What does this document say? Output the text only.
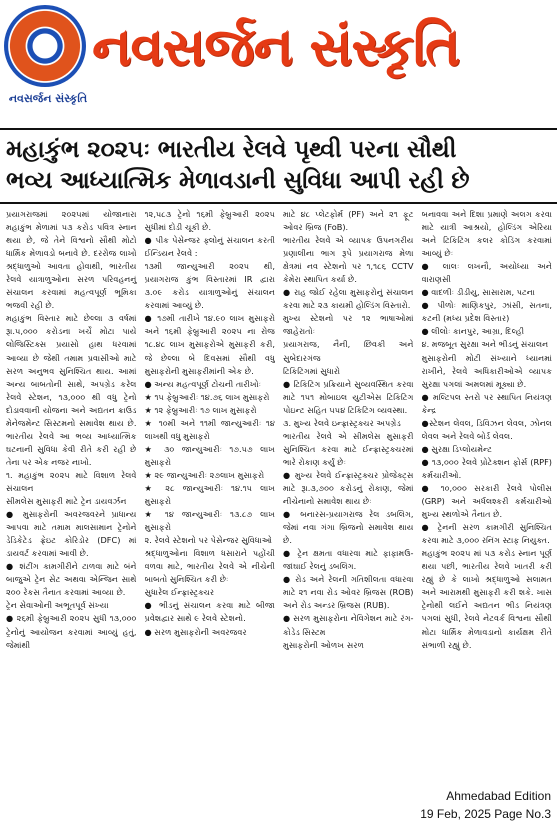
નવસર્જન સંસ્કૃતિ
નવસર્જન સંસ્કૃતિ
મહાકુંભ ૨૦૨૫ઃ ભારતીય રેલવે પૃથ્વી પરના સૌથી
ભવ્ય આધ્યાત્મિક મેળાવડાની સુવિધા આપી રહી છે

પ્રયાગરાજમાં ૨૦૨૫માં યોજાનારા મહાકુંભ મેળામાં ૫૩ કરોડ પવિત્ર સ્નાન થયા છે, જે તેને વિશ્વનો સૌથી મોટો ધાર્મિક મેળાવડો બનાવે છે. દરરોજ લાખો શ્રદ્ધાળુઓ આવતા હોવાથી, ભારતીય રેલવે યાત્રાળુઓના સરળ પરિવહનનું સંચાલન કરવામાં મહત્વપૂર્ણ ભૂમિકા ભજવી રહી છે.

મહાકુંભ વિસ્તાર માટે છેલ્લા ૩ વર્ષમાં રૂા.૫,૦૦૦ કરોડના ખર્ચે મોટા પાયે લોજિસ્ટિક્સ પ્રયાસો હાથ ધરવામાં આવ્યા છે જેથી તમામ પ્રવાસીઓ માટે સરળ અનુભવ સુનિશ્ચિત થાય. આમાં અન્ય બાબતોની સાથે, અપગ્રેડ કરેલ રેલવે સ્ટેશન, ૧૩,૦૦૦ થી વધુ ટ્રેનો દોડાવવાની યોજના અને અદ્યતન ક્રાઉડ મેનેજમેન્ટ સિસ્ટમનો સમાવેશ થાય છે. ભારતીય રેલવે આ ભવ્ય આધ્યાત્મિક ઘટનાની સુવિધા કેવી રીતે કરી રહી છે તેના પર એક નજર નાખો.

૧. મહાકુંભ ૨૦૨૫ માટે વિશાળ રેલવે સંચાલન

સીમલેસ મુસાફરી માટે ટ્રેન ડાયવર્ઝન

● મુસાફરોની અવરજવરને પ્રાધાન્ય આપવા માટે તમામ માલસામાન ટ્રેનોને ડેડિકેટેડ ફ્રેઇટ કોરિડોર (DFC) માં ડાયવર્ટ કરવામાં આવી છે.

● શંટીંગ કામગીરીને ટાળવા માટે બંને બાજુએ ટ્રેન સેટ અથવા એન્જિન સાથે ૨૦૦ રેકસ તૈનાત કરવામાં આવ્યા છે.

ટ્રેન સેવાઓની અભૂતપૂર્વ સંખ્યા

● ૨૬મી ફેબ્રુઆરી ૨૦૨૫ સુધી ૧૩,૦૦૦ ટ્રેનોનું આયોજન કરવામાં આવ્યું હતું, જેમાંથી

૧૨,૫૮૩ ટ્રેનો ૧૬મી ફેબ્રુઆરી ૨૦૨૫ સુધીમાં દોડી ચૂકી છે.

● પીક પેસેન્જર ફ્લોનું સંચાલન કરતી ઈન્ડિયન રેલવે :

૧૩મી જાન્યુઆરી ૨૦૨૫ થી, પ્રયાગરાજ કુંભ વિસ્તારમાં IR દ્વારા ૩.૦૯ કરોડ યાત્રાળુઓનું સંચાલન કરવામાં આવ્યું છે.

● ૧૭મી તારીખે ૧૪.૯૦ લાખ મુસાફરો અને ૧૬મી ફેબ્રુઆરી ૨૦૨૫ ના રોજ ૧૮.૪૮ લાખ મુસાફરોએ મુસાફરી કરી, જે છેલ્લા બે દિવસમાં સૌથી વધુ મુસાફરોની મુસાફરીમાંની એક છે.

● અન્ય મહત્વપૂર્ણ ટોચની તારીખોઃ

★ ૧૫ ફેબ્રુઆરીઃ ૧૪.૭૬ લાખ મુસાફરો

★ ૧૨ ફેબ્રુઆરીઃ ૧૭ લાખ મુસાફરો

★ ૧૦મી અને ૧૧મી જાન્યુઆરીઃ ૧૪ લાખથી વધુ મુસાફરો

★ ૩૦ જાન્યુઆરીઃ ૧૭.૫૭ લાખ મુસાફરો

★ ૨૯ જાન્યુઆરીઃ ૨૭લાખ મુસાફરો

★ ૨૮ જાન્યુઆરીઃ ૧૪.૧૫ લાખ મુસાફરો

★ ૧૪ જાન્યુઆરીઃ ૧૩.૮૭ લાખ મુસાફરો

૨. રેલવે સ્ટેશનો પર પેસેન્જર સુવિધાઓ

શ્રદ્ધાળુઓના વિશાળ ધસારાને પહોંચી વળવા માટે, ભારતીય રેલવે એ નીચેની બાબતો સુનિશ્ચિત કરી છેઃ

સુધારેલ ઈન્ફ્રાસ્ટ્રક્ચર

● ભીડનું સંચાલન કરવા માટે બીજા પ્રવેશદ્વાર સાથે ૯ રેલવે સ્ટેશનો.

● સરળ મુસાફરોની અવરજવર

માટે ૪૮ પ્લેટફોર્મ (PF) અને ૨૧ ફૂટ ઓવર બ્રિજ (FoB).

ભારતીય રેલવે એ વ્યાપક ઉપનગરીય પ્રણાલીના ભાગ રૂપે પ્રયાગરાજ મેળા ક્ષેત્રમાં નવ સ્ટેશનો પર ૧,૧૮૬ CCTV કેમેરા સ્થાપિત કર્યા છે.

● રાહ જોઈ રહેલા મુસાફરોનું સંચાલન કરવા માટે ૨૩ કાયમી હોલ્ડિંગ વિસ્તારો.

મુખ્ય સ્ટેશનો પર ૧૨ ભાષાઓમાં જાહેરાતોઃ

પ્રયાગરાજ, નૈની, છિવકી અને સુબેદારગંજ

ટિકિટિંગમાં સુધારો

● ટિકિટિંગ પ્રક્રિયાને સુવ્યવસ્થિત કરવા માટે ૧૫૧ મોબાઇલ યુટીએસ ટિકિટિંગ પોઇન્ટ સહિત ૫૫૪ ટિકિટિંગ વ્યવસ્થા.

૩. મુખ્ય રેલવે ઇન્ફ્રાસ્ટ્રક્ચર અપગ્રેડ

ભારતીય રેલવે એ સીમલેસ મુસાફરી સુનિશ્ચિત કરવા માટે ઈન્ફ્રાસ્ટ્રક્ચરમાં ભારે રોકાણ કર્યું છેઃ

● મુખ્ય રેલવે ઈન્ફ્રાસ્ટ્રક્ચર પ્રોજેક્ટ્સ માટે રૂા.૩,૭૦૦ કરોડનું રોકાણ, જેમાં નીચેનાનો સમાવેશ થાય છેઃ

● બનારસ-પ્રયાગરાજ રેલ ડબલિંગ, જેમાં નવા ગંગા બ્રિજનો સમાવેશ થાય છે.

● ટ્રેન ક્ષમતા વધારવા માટે ફાફામઉ-જાંઘાઈ રેલનું ડબલિંગ.

● રોડ અને રેલની ગતિશીલતા વધારવા માટે ૨૧ નવા રોડ ઓવર બ્રિજસ (ROB) અને રોડ અન્ડર બ્રિજસ (RUB).

● સરળ મુસાફરોના નેવિગેશન માટે રંગ-કોડેડ સિસ્ટમ

મુસાફરોની ઓળખ સરળ

બનાવવા અને દિશા પ્રમાણે અલગ કરવા માટે યાત્રી આશ્રયો, હોલ્ડિંગ એરિયા અને ટિકિટિંગ કલર કોડિંગ કરવામાં આવ્યું છેઃ

● લાલઃ લખનૌ, અયોધ્યા અને વારાણસી

● વાદળીઃ ડીડીયુ, સાસારામ, પટના

● પીળોઃ માણિકપુર, ઝાંસી, સતના, કટની (મધ્ય પ્રદેશ વિસ્તાર)

● લીલોઃ કાનપુર, આગ્રા, દિલ્હી

૪. મજબૂત સુરક્ષા અને ભીડનું સંચાલન

મુસાફરોની મોટી સંખ્યાને ધ્યાનમાં રાખીને, રેલવે અધિકારીઓએ વ્યાપક સુરક્ષા પગલાં અમલમાં મૂક્યા છે.

● મલ્ટિપલ સ્તરો પર સ્થાપિત નિયંત્રણ કેન્દ્ર

●સ્ટેશન લેવલ, ડિવિઝન લેવલ, ઝોનલ લેવલ અને રેલવે બોર્ડ લેવલ.

● સુરક્ષા ડિપ્લોયમેન્ટ

● ૧૩,૦૦૦ રેલવે પ્રોટેક્શન ફોર્સ (RPF) કર્મચારીઓ.

● ૧૦,૦૦૦ સરકારી રેલવે પોલીસ (GRP) અને અર્ધલશ્કરી કર્મચારીઓ મુખ્ય સ્થળોએ તૈનાત છે.

● ટ્રેનની સરળ કામગીરી સુનિશ્ચિત કરવા માટે ૩,૦૦૦ રનિંગ સ્ટાફ નિયુક્ત.

મહાકુંભ ૨૦૨૫ માં ૫૩ કરોડ સ્નાન પૂર્ણ થયા પછી, ભારતીય રેલવે ખાતરી કરી રહ્યું છે કે લાખો શ્રદ્ધાળુઓ સલામત અને આરામથી મુસાફરી કરી શકે. ખાસ ટ્રેનોથી લઈને અદ્યતન ભીડ નિયંત્રણ પગલાં સુધી, રેલવે નેટવર્ક વિશ્વના સૌથી મોટા ધાર્મિક મેળાવડાનો કાર્યક્ષમ રીતે સંભાળી રહ્યું છે.

Ahmedabad Edition
19 Feb, 2025 Page No.3
